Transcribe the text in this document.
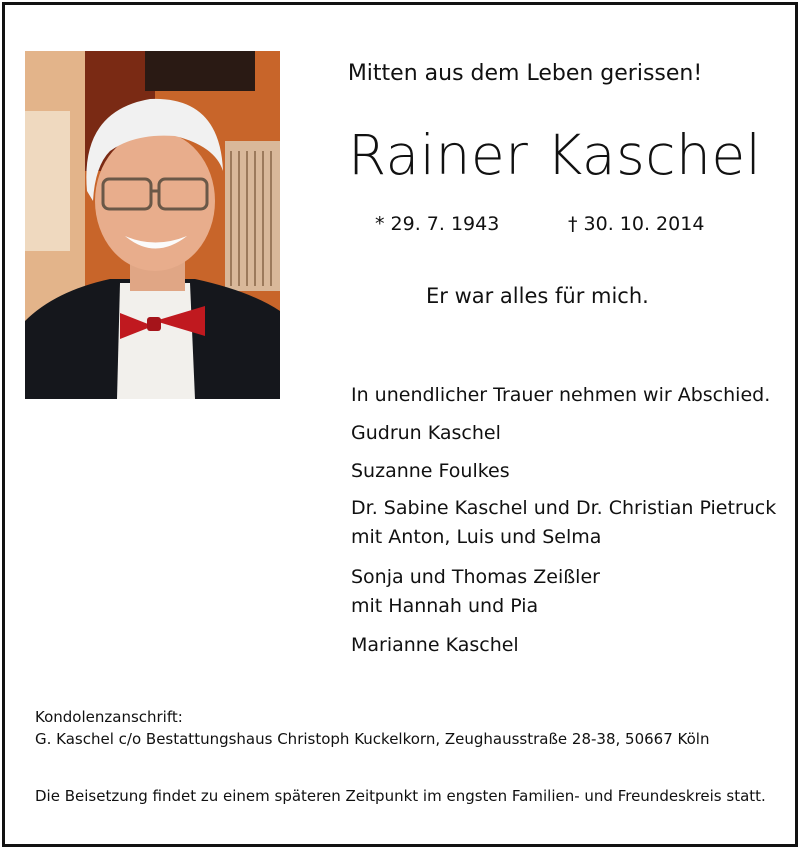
Mitten aus dem Leben gerissen!
Rainer Kaschel
* 29. 7. 1943	† 30. 10. 2014
Er war alles für mich.
In unendlicher Trauer nehmen wir Abschied.
Gudrun Kaschel
Suzanne Foulkes
Dr. Sabine Kaschel und Dr. Christian Pietruck
mit Anton, Luis und Selma
Sonja und Thomas Zeißler
mit Hannah und Pia
Marianne Kaschel
Kondolenzanschrift:
G. Kaschel c/o Bestattungshaus Christoph Kuckelkorn, Zeughausstraße 28-38, 50667 Köln
Die Beisetzung findet zu einem späteren Zeitpunkt im engsten Familien- und Freundeskreis statt.
